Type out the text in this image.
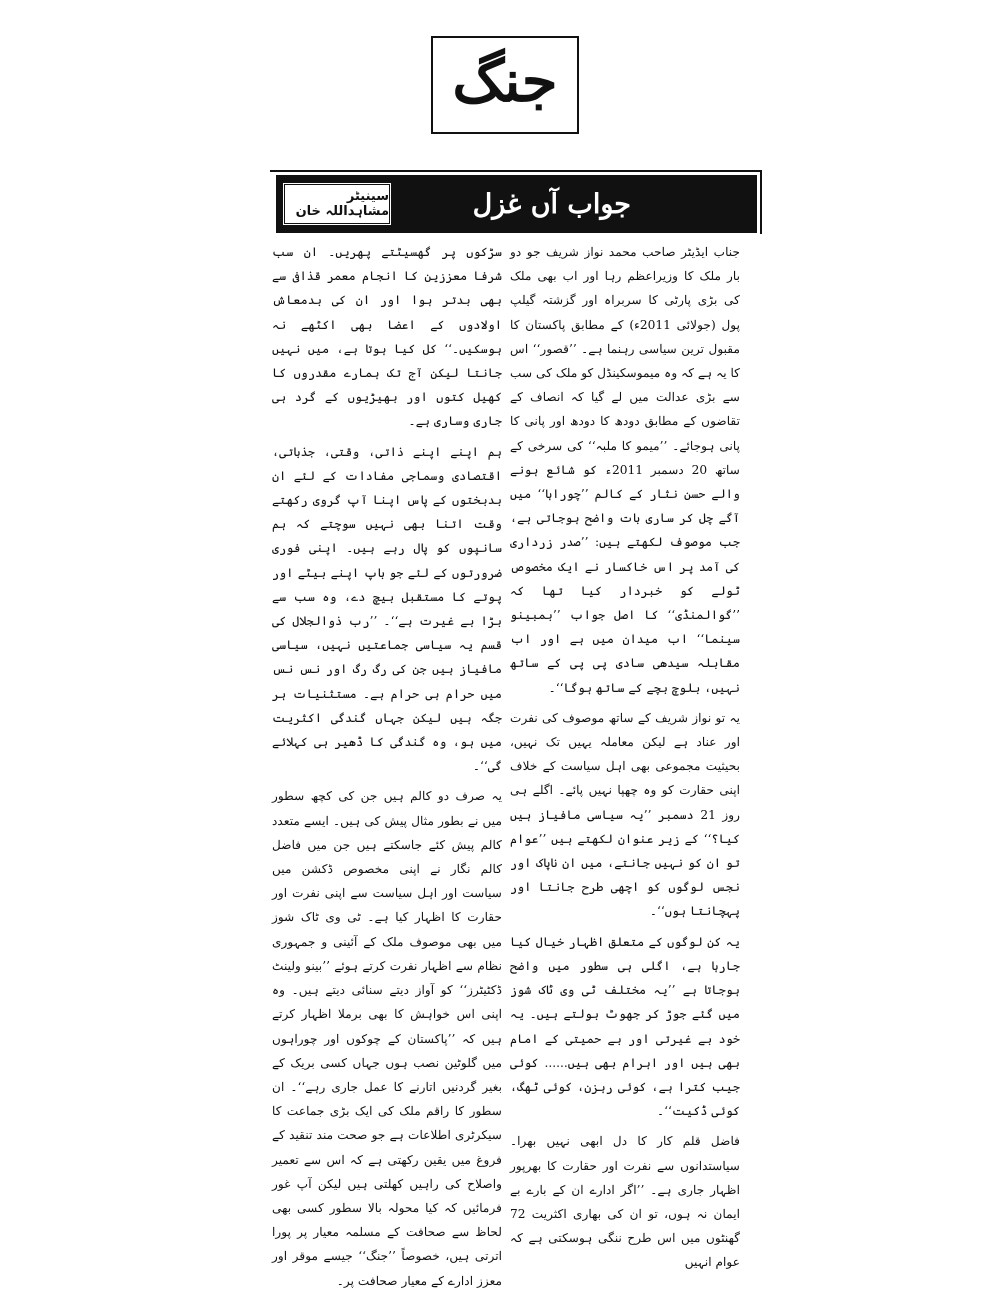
جنگ
سینیٹر مشاہداللہ خان	جواب آں غزل

جناب ایڈیٹر صاحب محمد نواز شریف جو دو بار ملک کا وزیراعظم رہا اور اب بھی ملک کی بڑی پارٹی کا سربراہ اور گزشتہ گیلپ پول (جولائی 2011ء) کے مطابق پاکستان کا مقبول ترین سیاسی رہنما ہے۔ ’’قصور‘‘ اس کا یہ ہے کہ وہ میموسکینڈل کو ملک کی سب سے بڑی عدالت میں لے گیا کہ انصاف کے تقاضوں کے مطابق دودھ کا دودھ اور پانی کا پانی ہوجائے۔ ’’میمو کا ملبہ‘‘ کی سرخی کے ساتھ 20 دسمبر 2011ء کو شائع ہونے والے حسن نثار کے کالم ’’چوراہا‘‘ میں آگے چل کر ساری بات واضح ہوجاتی ہے، جب موصوف لکھتے ہیں: ’’صدر زرداری کی آمد پر اس خاکسار نے ایک مخصوص ٹولے کو خبردار کیا تھا کہ ’’گوالمنڈی‘‘ کا اصل جواب ’’بمبینو سینما‘‘ اب میدان میں ہے اور اب مقابلہ سیدھی سادی پی پی کے ساتھ نہیں، بلوچ بچے کے ساتھ ہوگا‘‘۔

یہ تو نواز شریف کے ساتھ موصوف کی نفرت اور عناد ہے لیکن معاملہ یہیں تک نہیں، بحیثیت مجموعی بھی اہل سیاست کے خلاف اپنی حقارت کو وہ چھپا نہیں پائے۔ اگلے ہی روز 21 دسمبر ’’یہ سیاسی مافیاز ہیں کیا؟‘‘ کے زیر عنوان لکھتے ہیں ’’عوام تو ان کو نہیں جانتے، میں ان ناپاک اور نجس لوگوں کو اچھی طرح جانتا اور پہچانتا ہوں‘‘۔

یہ کن لوگوں کے متعلق اظہار خیال کیا جارہا ہے، اگلی ہی سطور میں واضح ہوجاتا ہے ’’یہ مختلف ٹی وی ٹاک شوز میں گئے جوڑ کر جھوٹ بولتے ہیں۔ یہ خود بے غیرتی اور بے حمیتی کے امام بھی ہیں اور اہرام بھی ہیں...... کوئی جیب کترا ہے، کوئی رہزن، کوئی ٹھگ، کوئی ڈکیت‘‘۔

فاضل قلم کار کا دل ابھی نہیں بھرا۔ سیاستدانوں سے نفرت اور حقارت کا بھرپور اظہار جاری ہے۔ ’’اگر ادارے ان کے بارے بے ایمان نہ ہوں، تو ان کی بھاری اکثریت 72 گھنٹوں میں اس طرح ننگی ہوسکتی ہے کہ عوام انہیں

سڑکوں پر گھسیٹتے پھریں۔ ان سب شرفا معززین کا انجام معمر قذافی سے بھی بدتر ہوا اور ان کی بدمعاش اولادوں کے اعضا بھی اکٹھے نہ ہوسکیں۔‘‘ کل کیا ہوتا ہے، میں نہیں جانتا لیکن آج تک ہمارے مقدروں کا کھیل کتوں اور بھیڑیوں کے گرد ہی جاری وساری ہے۔

ہم اپنے اپنے ذاتی، وقتی، جذباتی، اقتصادی وسماجی مفادات کے لئے ان بدبختوں کے پاس اپنا آپ گروی رکھتے وقت اتنا بھی نہیں سوچتے کہ ہم سانپوں کو پال رہے ہیں۔ اپنی فوری ضرورتوں کے لئے جو باپ اپنے بیٹے اور پوتے کا مستقبل بیچ دے، وہ سب سے بڑا بے غیرت ہے‘‘۔ ’’رب ذوالجلال کی قسم یہ سیاسی جماعتیں نہیں، سیاسی مافیاز ہیں جن کی رگ رگ اور نس نس میں حرام ہی حرام ہے۔ مستثنیات ہر جگہ ہیں لیکن جہاں گندگی اکثریت میں ہو، وہ گندگی کا ڈھیر ہی کہلائے گی‘‘۔

یہ صرف دو کالم ہیں جن کی کچھ سطور میں نے بطور مثال پیش کی ہیں۔ ایسے متعدد کالم پیش کئے جاسکتے ہیں جن میں فاضل کالم نگار نے اپنی مخصوص ڈکشن میں سیاست اور اہل سیاست سے اپنی نفرت اور حقارت کا اظہار کیا ہے۔ ٹی وی ٹاک شوز میں بھی موصوف ملک کے آئینی و جمہوری نظام سے اظہار نفرت کرتے ہوئے ’’بینو ولینٹ ڈکٹیٹرز‘‘ کو آواز دیتے سنائی دیتے ہیں۔ وہ اپنی اس خواہش کا بھی برملا اظہار کرتے ہیں کہ ’’پاکستان کے چوکوں اور چوراہوں میں گلوٹین نصب ہوں جہاں کسی بریک کے بغیر گردنیں اتارنے کا عمل جاری رہے‘‘۔ ان سطور کا راقم ملک کی ایک بڑی جماعت کا سیکرٹری اطلاعات ہے جو صحت مند تنقید کے فروغ میں یقین رکھتی ہے کہ اس سے تعمیر واصلاح کی راہیں کھلتی ہیں لیکن آپ غور فرمائیں کہ کیا محولہ بالا سطور کسی بھی لحاظ سے صحافت کے مسلمہ معیار پر پورا اترتی ہیں، خصوصاً ’’جنگ‘‘ جیسے موقر اور معزز ادارے کے معیار صحافت پر۔
